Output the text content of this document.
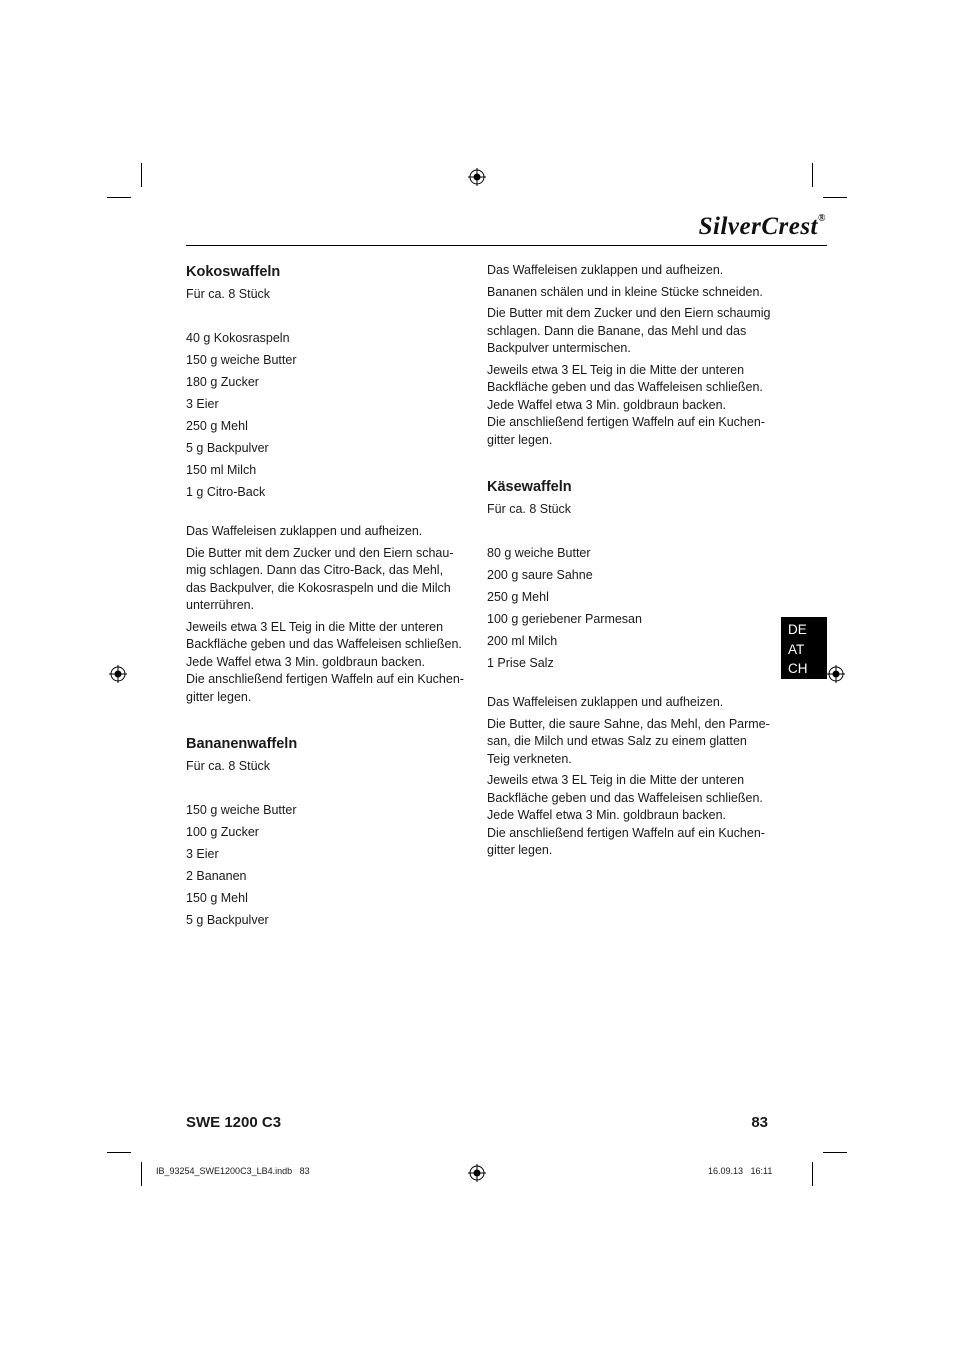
SilverCrest®
Kokoswaffeln

Für ca. 8 Stück

40 g Kokosraspeln
150 g weiche Butter
180 g Zucker
3 Eier
250 g Mehl
5 g Backpulver
150 ml Milch
1 g Citro-Back

Das Waffeleisen zuklappen und aufheizen.

Die Butter mit dem Zucker und den Eiern schau-
mig schlagen. Dann das Citro-Back, das Mehl,
das Backpulver, die Kokosraspeln und die Milch
unterrühren.

Jeweils etwa 3 EL Teig in die Mitte der unteren
Backfläche geben und das Waffeleisen schließen.
Jede Waffel etwa 3 Min. goldbraun backen.
Die anschließend fertigen Waffeln auf ein Kuchen-
gitter legen.

Bananenwaffeln

Für ca. 8 Stück

150 g weiche Butter
100 g Zucker
3 Eier
2 Bananen
150 g Mehl
5 g Backpulver

Das Waffeleisen zuklappen und aufheizen.

Bananen schälen und in kleine Stücke schneiden.

Die Butter mit dem Zucker und den Eiern schaumig
schlagen. Dann die Banane, das Mehl und das
Backpulver untermischen.

Jeweils etwa 3 EL Teig in die Mitte der unteren
Backfläche geben und das Waffeleisen schließen.
Jede Waffel etwa 3 Min. goldbraun backen.
Die anschließend fertigen Waffeln auf ein Kuchen-
gitter legen.

Käsewaffeln

Für ca. 8 Stück

80 g weiche Butter
200 g saure Sahne
250 g Mehl
100 g geriebener Parmesan
200 ml Milch
1 Prise Salz

Das Waffeleisen zuklappen und aufheizen.

Die Butter, die saure Sahne, das Mehl, den Parme-
san, die Milch und etwas Salz zu einem glatten
Teig verkneten.

Jeweils etwa 3 EL Teig in die Mitte der unteren
Backfläche geben und das Waffeleisen schließen.
Jede Waffel etwa 3 Min. goldbraun backen.
Die anschließend fertigen Waffeln auf ein Kuchen-
gitter legen.

DE
AT
CH
SWE 1200 C3	83
IB_93254_SWE1200C3_LB4.indb   83	16.09.13   16:11
